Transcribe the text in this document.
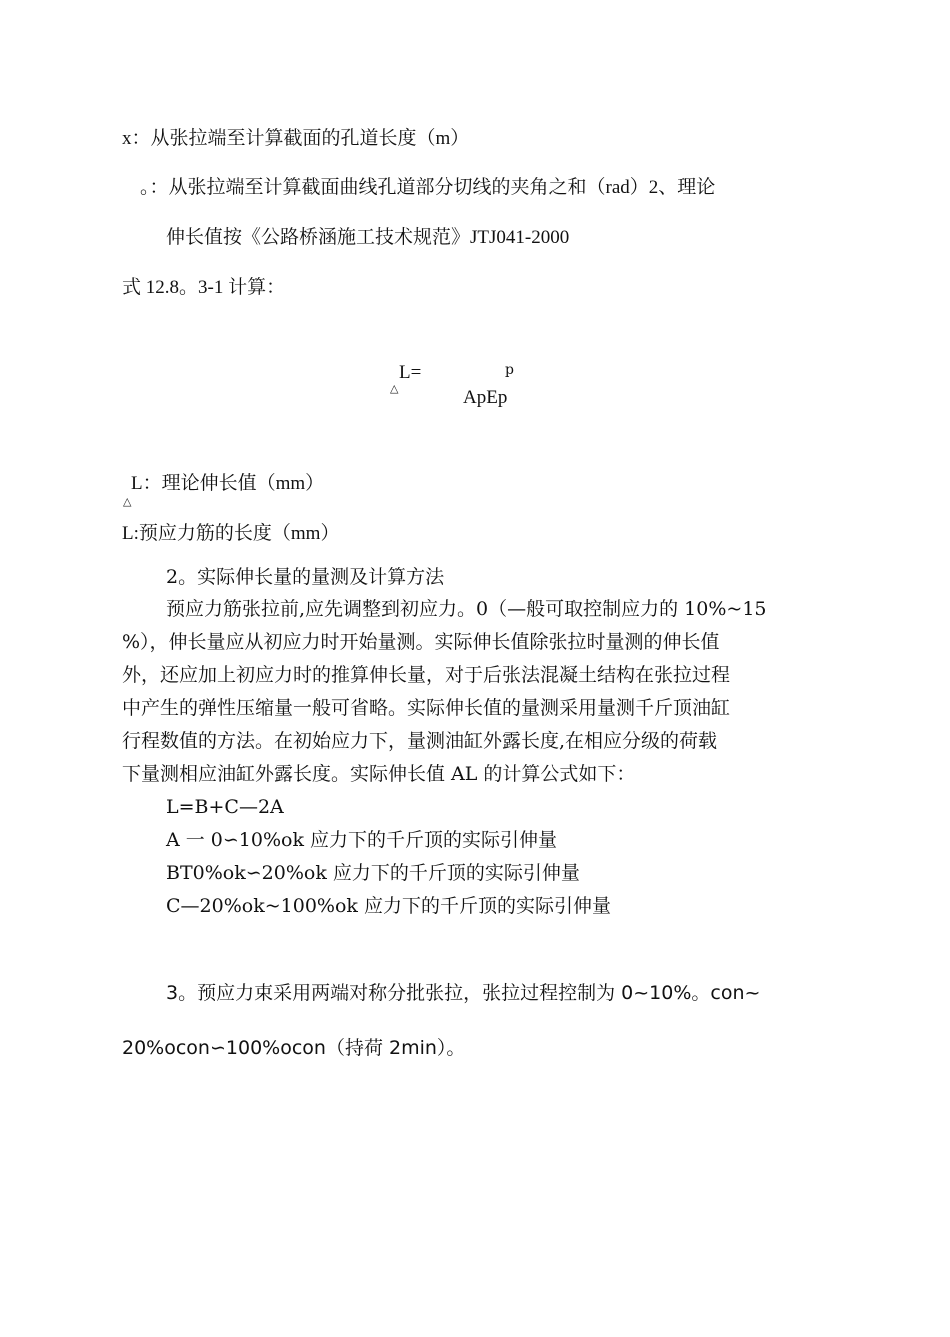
x：从张拉端至计算截面的孔道长度（m）
。：从张拉端至计算截面曲线孔道部分切线的夹角之和（rad）2、理论
伸长值按《公路桥涵施工技术规范》JTJ041-2000
式 12.8。3-1 计算：
L=
△
p
ApEp
L：理论伸长值（mm）
△
L:预应力筋的长度（mm）
2。实际伸长量的量测及计算方法
预应力筋张拉前,应先调整到初应力。0（—般可取控制应力的 10%~15
%），伸长量应从初应力时开始量测。实际伸长值除张拉时量测的伸长值
外，还应加上初应力时的推算伸长量，对于后张法混凝土结构在张拉过程
中产生的弹性压缩量一般可省略。实际伸长值的量测采用量测千斤顶油缸
行程数值的方法。在初始应力下，量测油缸外露长度,在相应分级的荷载
下量测相应油缸外露长度。实际伸长值 AL 的计算公式如下：
L=B+C—2A
A 一 0∽10%ok 应力下的千斤顶的实际引伸量
BT0%ok∽20%ok 应力下的千斤顶的实际引伸量
C—20%ok~100%ok 应力下的千斤顶的实际引伸量
3。预应力束采用两端对称分批张拉，张拉过程控制为 0~10%。con~
20%ocon∽100%ocon（持荷 2min）。
